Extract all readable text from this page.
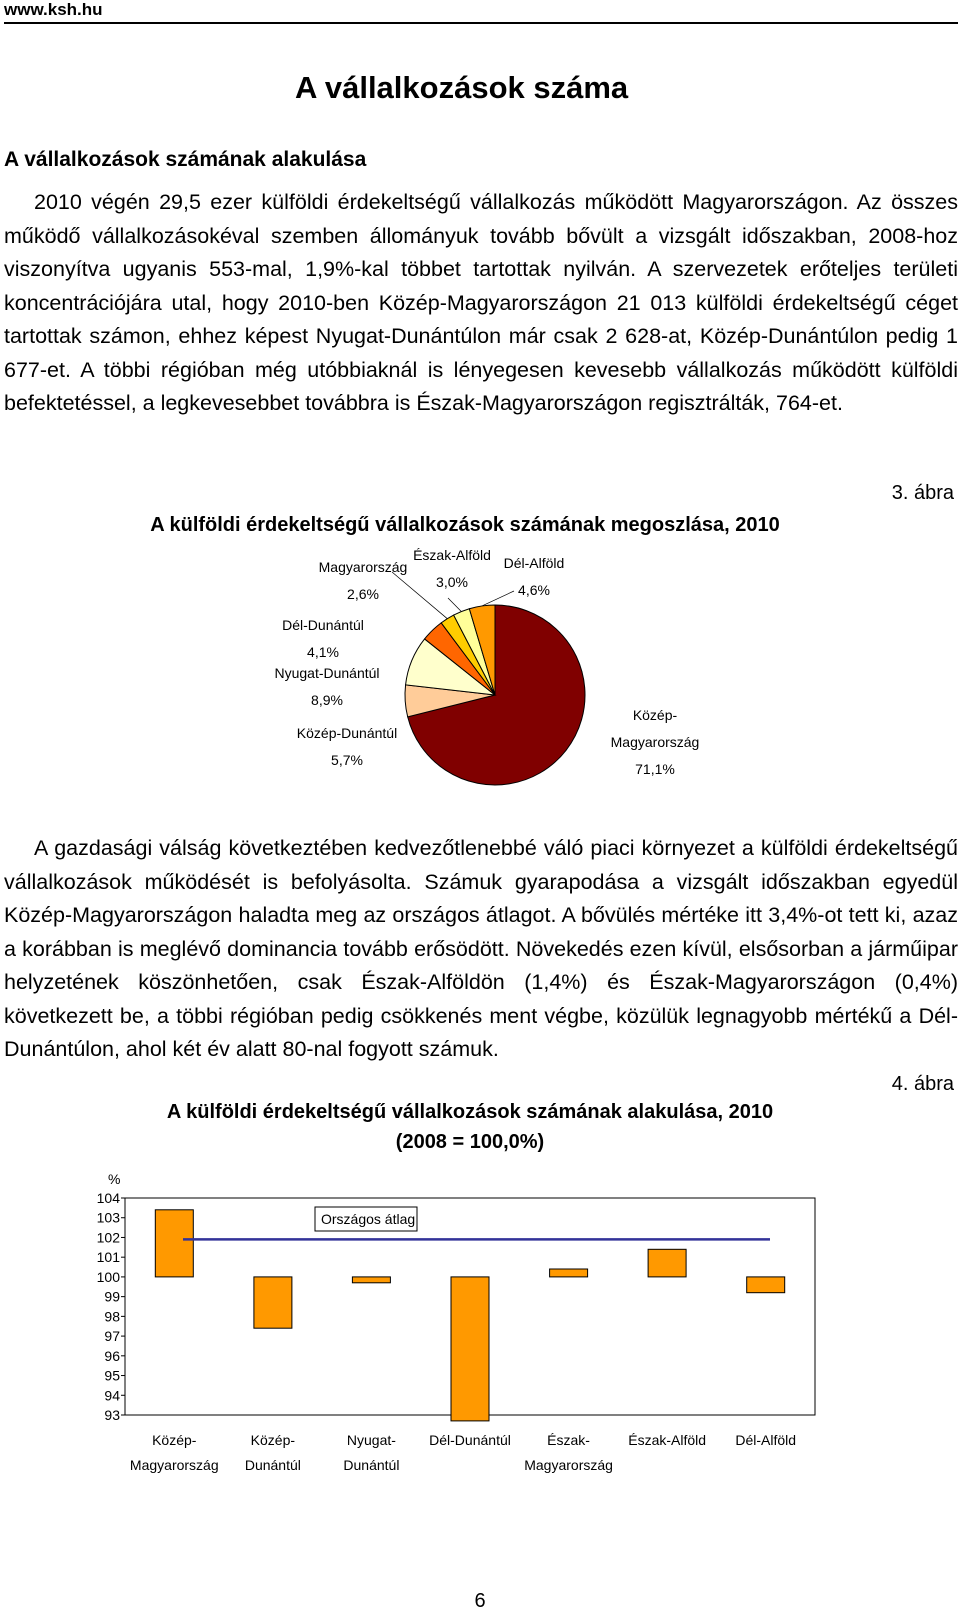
www.ksh.hu
A vállalkozások száma
A vállalkozások számának alakulása

2010 végén 29,5 ezer külföldi érdekeltségű vállalkozás működött Magyarországon. Az összes működő vállalkozásokéval szemben állományuk tovább bővült a vizsgált időszakban, 2008-hoz viszonyítva ugyanis 553-mal, 1,9%-kal többet tartottak nyilván. A szervezetek erőteljes területi koncentrációjára utal, hogy 2010-ben Közép-Magyarországon 21 013 külföldi érdekeltségű céget tartottak számon, ehhez képest Nyugat-Dunántúlon már csak 2 628-at, Közép-Dunántúlon pedig 1 677-et. A többi régióban még utóbbiaknál is lényegesen kevesebb vállalkozás működött külföldi befektetéssel, a legkevesebbet továbbra is Észak-Magyarországon regisztrálták, 764-et.

3. ábra
A külföldi érdekeltségű vállalkozások számának megoszlása, 2010
Közép-Magyarország 71,1%
Közép-Dunántúl 5,7%
Nyugat-Dunántúl 8,9%
Dél-Dunántúl 4,1%
Magyarország 2,6%
Észak-Alföld 3,0%
Dél-Alföld 4,6%

A gazdasági válság következtében kedvezőtlenebbé váló piaci környezet a külföldi érdekeltségű vállalkozások működését is befolyásolta. Számuk gyarapodása a vizsgált időszakban egyedül Közép-Magyarországon haladta meg az országos átlagot. A bővülés mértéke itt 3,4%-ot tett ki, azaz a korábban is meglévő dominancia tovább erősödött. Növekedés ezen kívül, elsősorban a járműipar helyzetének köszönhetően, csak Észak-Alföldön (1,4%) és Észak-Magyarországon (0,4%) következett be, a többi régióban pedig csökkenés ment végbe, közülük legnagyobb mértékű a Dél-Dunántúlon, ahol két év alatt 80-nal fogyott számuk.

4. ábra
A külföldi érdekeltségű vállalkozások számának alakulása, 2010
(2008 = 100,0%)
%
104
103
102
101
100
99
98
97
96
95
94
93
Közép-Magyarország
Közép-Dunántúl
Nyugat-Dunántúl
Dél-Dunántúl	Észak-Magyarország
Észak-Alföld Dél-Alföld
Országos átlag
6
